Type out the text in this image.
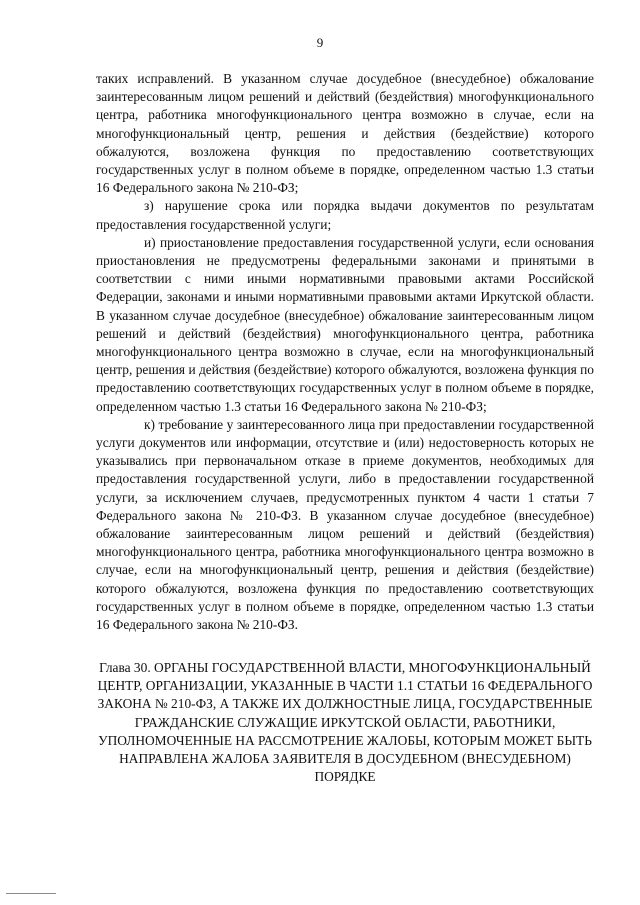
9

таких исправлений. В указанном случае досудебное (внесудебное) обжалование заинтересованным лицом решений и действий (бездействия) многофункционального центра, работника многофункционального центра возможно в случае, если на многофункциональный центр, решения и действия (бездействие) которого обжалуются, возложена функция по предоставлению соответствующих государственных услуг в полном объеме в порядке, определенном частью 1.3 статьи 16 Федерального закона № 210-ФЗ;

з) нарушение срока или порядка выдачи документов по результатам предоставления государственной услуги;

и) приостановление предоставления государственной услуги, если основания приостановления не предусмотрены федеральными законами и принятыми в соответствии с ними иными нормативными правовыми актами Российской Федерации, законами и иными нормативными правовыми актами Иркутской области. В указанном случае досудебное (внесудебное) обжалование заинтересованным лицом решений и действий (бездействия) многофункционального центра, работника многофункционального центра возможно в случае, если на многофункциональный центр, решения и действия (бездействие) которого обжалуются, возложена функция по предоставлению соответствующих государственных услуг в полном объеме в порядке, определенном частью 1.3 статьи 16 Федерального закона № 210-ФЗ;

к) требование у заинтересованного лица при предоставлении государственной услуги документов или информации, отсутствие и (или) недостоверность которых не указывались при первоначальном отказе в приеме документов, необходимых для предоставления государственной услуги, либо в предоставлении государственной услуги, за исключением случаев, предусмотренных пунктом 4 части 1 статьи 7 Федерального закона № 210-ФЗ. В указанном случае досудебное (внесудебное) обжалование заинтересованным лицом решений и действий (бездействия) многофункционального центра, работника многофункционального центра возможно в случае, если на многофункциональный центр, решения и действия (бездействие) которого обжалуются, возложена функция по предоставлению соответствующих государственных услуг в полном объеме в порядке, определенном частью 1.3 статьи 16 Федерального закона № 210-ФЗ.

Глава 30. ОРГАНЫ ГОСУДАРСТВЕННОЙ ВЛАСТИ, МНОГОФУНКЦИОНАЛЬНЫЙ ЦЕНТР, ОРГАНИЗАЦИИ, УКАЗАННЫЕ В ЧАСТИ 1.1 СТАТЬИ 16 ФЕДЕРАЛЬНОГО ЗАКОНА № 210-ФЗ, А ТАКЖЕ ИХ ДОЛЖНОСТНЫЕ ЛИЦА, ГОСУДАРСТВЕННЫЕ ГРАЖДАНСКИЕ СЛУЖАЩИЕ ИРКУТСКОЙ ОБЛАСТИ, РАБОТНИКИ, УПОЛНОМОЧЕННЫЕ НА РАССМОТРЕНИЕ ЖАЛОБЫ, КОТОРЫМ МОЖЕТ БЫТЬ НАПРАВЛЕНА ЖАЛОБА ЗАЯВИТЕЛЯ В ДОСУДЕБНОМ (ВНЕСУДЕБНОМ) ПОРЯДКЕ
